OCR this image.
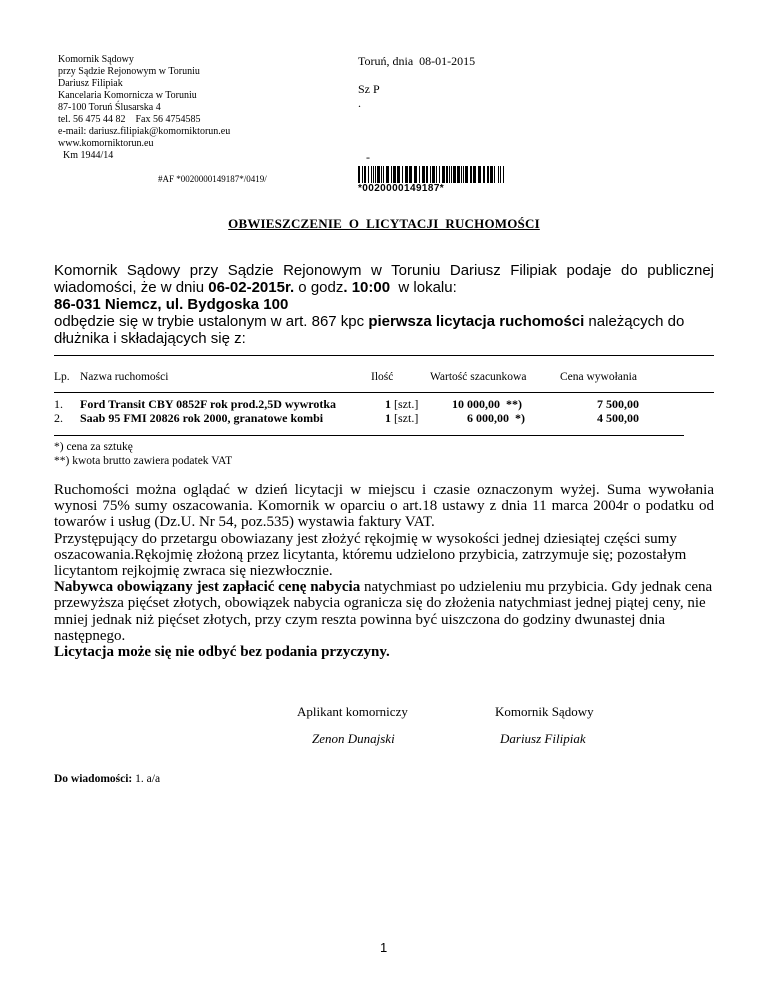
Komornik Sądowy
przy Sądzie Rejonowym w Toruniu
Dariusz Filipiak
Kancelaria Komornicza w Toruniu
87-100 Toruń Ślusarska 4
tel. 56 475 44 82    Fax 56 4754585
e-mail: dariusz.filipiak@komorniktorun.eu
www.komorniktorun.eu
Km 1944/14
Toruń, dnia  08-01-2015
Sz P
.
-
#AF *0020000149187*/0419/
*0020000149187*
OBWIESZCZENIE  O  LICYTACJI  RUCHOMOŚCI
Komornik Sądowy przy Sądzie Rejonowym w Toruniu Dariusz Filipiak podaje do publicznej wiadomości, że w dniu 06-02-2015r. o godz. 10:00  w lokalu:
86-031 Niemcz, ul. Bydgoska 100
odbędzie się w trybie ustalonym w art. 867 kpc pierwsza licytacja ruchomości należących do dłużnika i składających się z:
Lp. Nazwa ruchomości	Ilość	Wartość szacunkowa	Cena wywołania
1. Ford Transit CBY 0852F rok prod.2,5D wywrotka	1 [szt.]	10 000,00  **)	7 500,00
2. Saab 95 FMI 20826 rok 2000, granatowe kombi	1 [szt.]	6 000,00  *)	4 500,00
*) cena za sztukę
**) kwota brutto zawiera podatek VAT
Ruchomości można oglądać w dzień licytacji w miejscu i czasie oznaczonym wyżej. Suma wywołania wynosi 75% sumy oszacowania. Komornik w oparciu o art.18 ustawy z dnia 11 marca 2004r o podatku od towarów i usług (Dz.U. Nr 54, poz.535) wystawia faktury VAT.
Przystępujący do przetargu obowiazany jest złożyć rękojmię w wysokości jednej dziesiątej części sumy oszacowania.Rękojmię złożoną przez licytanta, któremu udzielono przybicia, zatrzymuje się; pozostałym licytantom rejkojmię zwraca się niezwłocznie.
Nabywca obowiązany jest zapłacić cenę nabycia natychmiast po udzieleniu mu przybicia. Gdy jednak cena przewyższa pięćset złotych, obowiązek nabycia ogranicza się do złożenia natychmiast jednej piątej ceny, nie mniej jednak niż pięćset złotych, przy czym reszta powinna być uiszczona do godziny dwunastej dnia następnego.
Licytacja może się nie odbyć bez podania przyczyny.
Aplikant komorniczy	Komornik Sądowy
Zenon Dunajski	Dariusz Filipiak
Do wiadomości: 1. a/a
1
